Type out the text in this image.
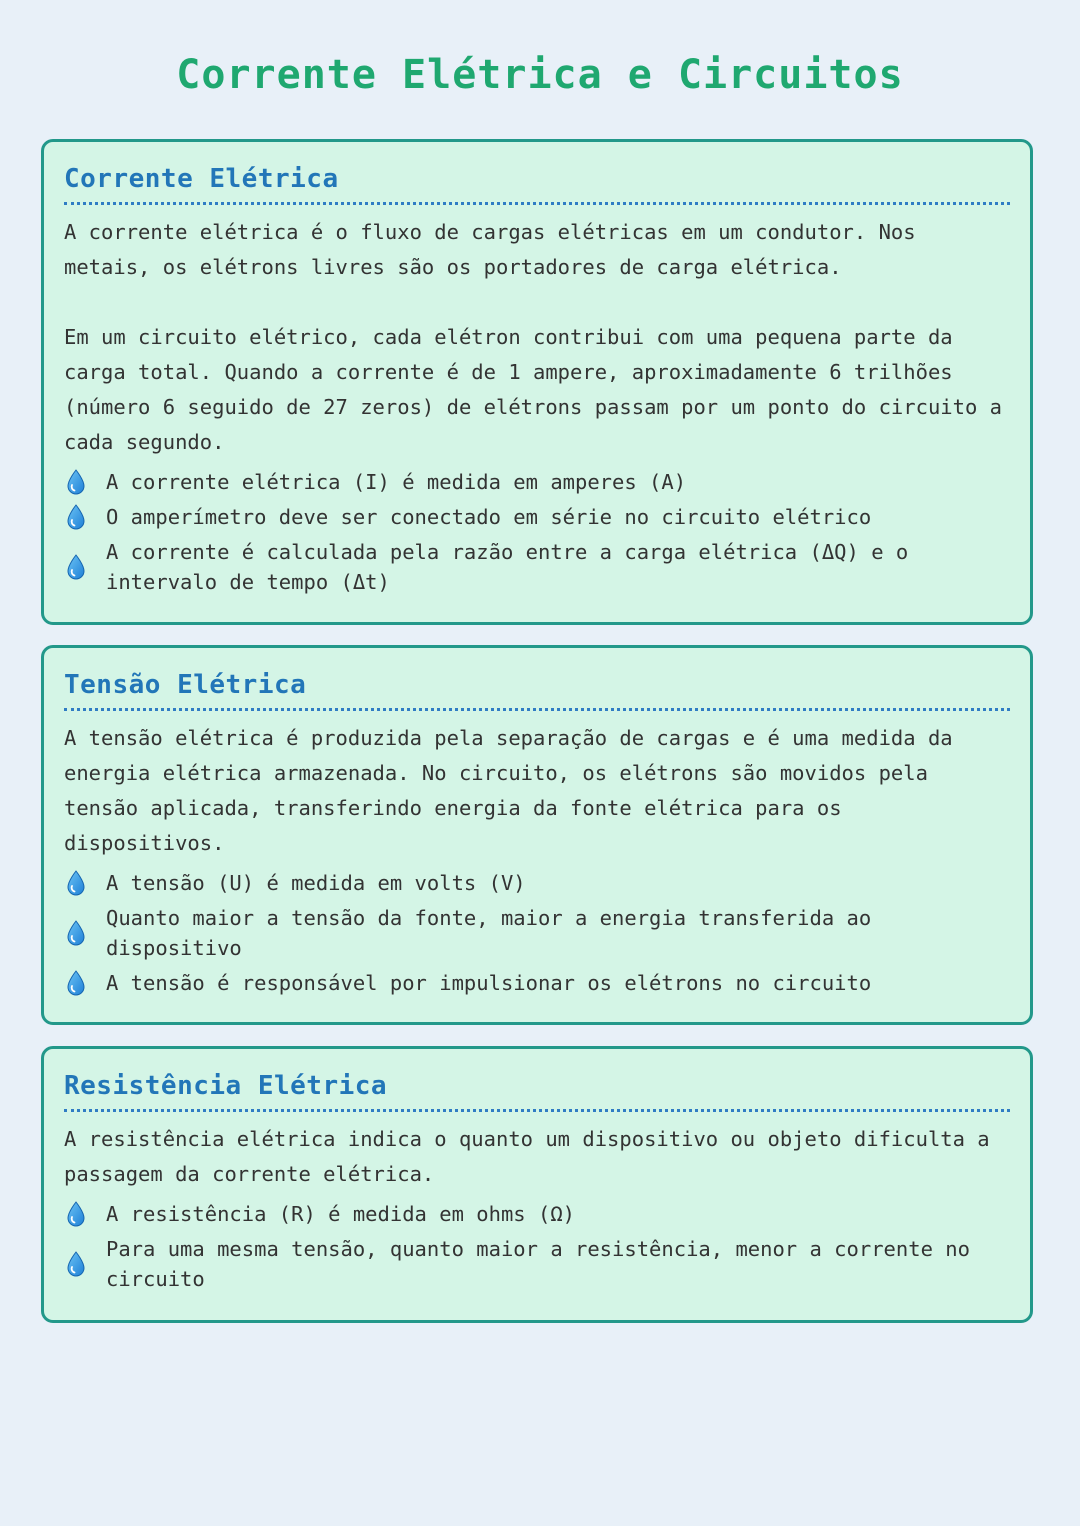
Corrente Elétrica e Circuitos
Corrente Elétrica

A corrente elétrica é o fluxo de cargas elétricas em um condutor. Nos metais, os elétrons livres são os portadores de carga elétrica.

Em um circuito elétrico, cada elétron contribui com uma pequena parte da carga total. Quando a corrente é de 1 ampere, aproximadamente 6 trilhões (número 6 seguido de 27 zeros) de elétrons passam por um ponto do circuito a cada segundo.

A corrente elétrica (I) é medida em amperes (A)
O amperímetro deve ser conectado em série no circuito elétrico
A corrente é calculada pela razão entre a carga elétrica (ΔQ) e o intervalo de tempo (Δt)
Tensão Elétrica

A tensão elétrica é produzida pela separação de cargas e é uma medida da energia elétrica armazenada. No circuito, os elétrons são movidos pela tensão aplicada, transferindo energia da fonte elétrica para os dispositivos.

A tensão (U) é medida em volts (V)
Quanto maior a tensão da fonte, maior a energia transferida ao dispositivo
A tensão é responsável por impulsionar os elétrons no circuito
Resistência Elétrica

A resistência elétrica indica o quanto um dispositivo ou objeto dificulta a passagem da corrente elétrica.

A resistência (R) é medida em ohms (Ω)
Para uma mesma tensão, quanto maior a resistência, menor a corrente no circuito
